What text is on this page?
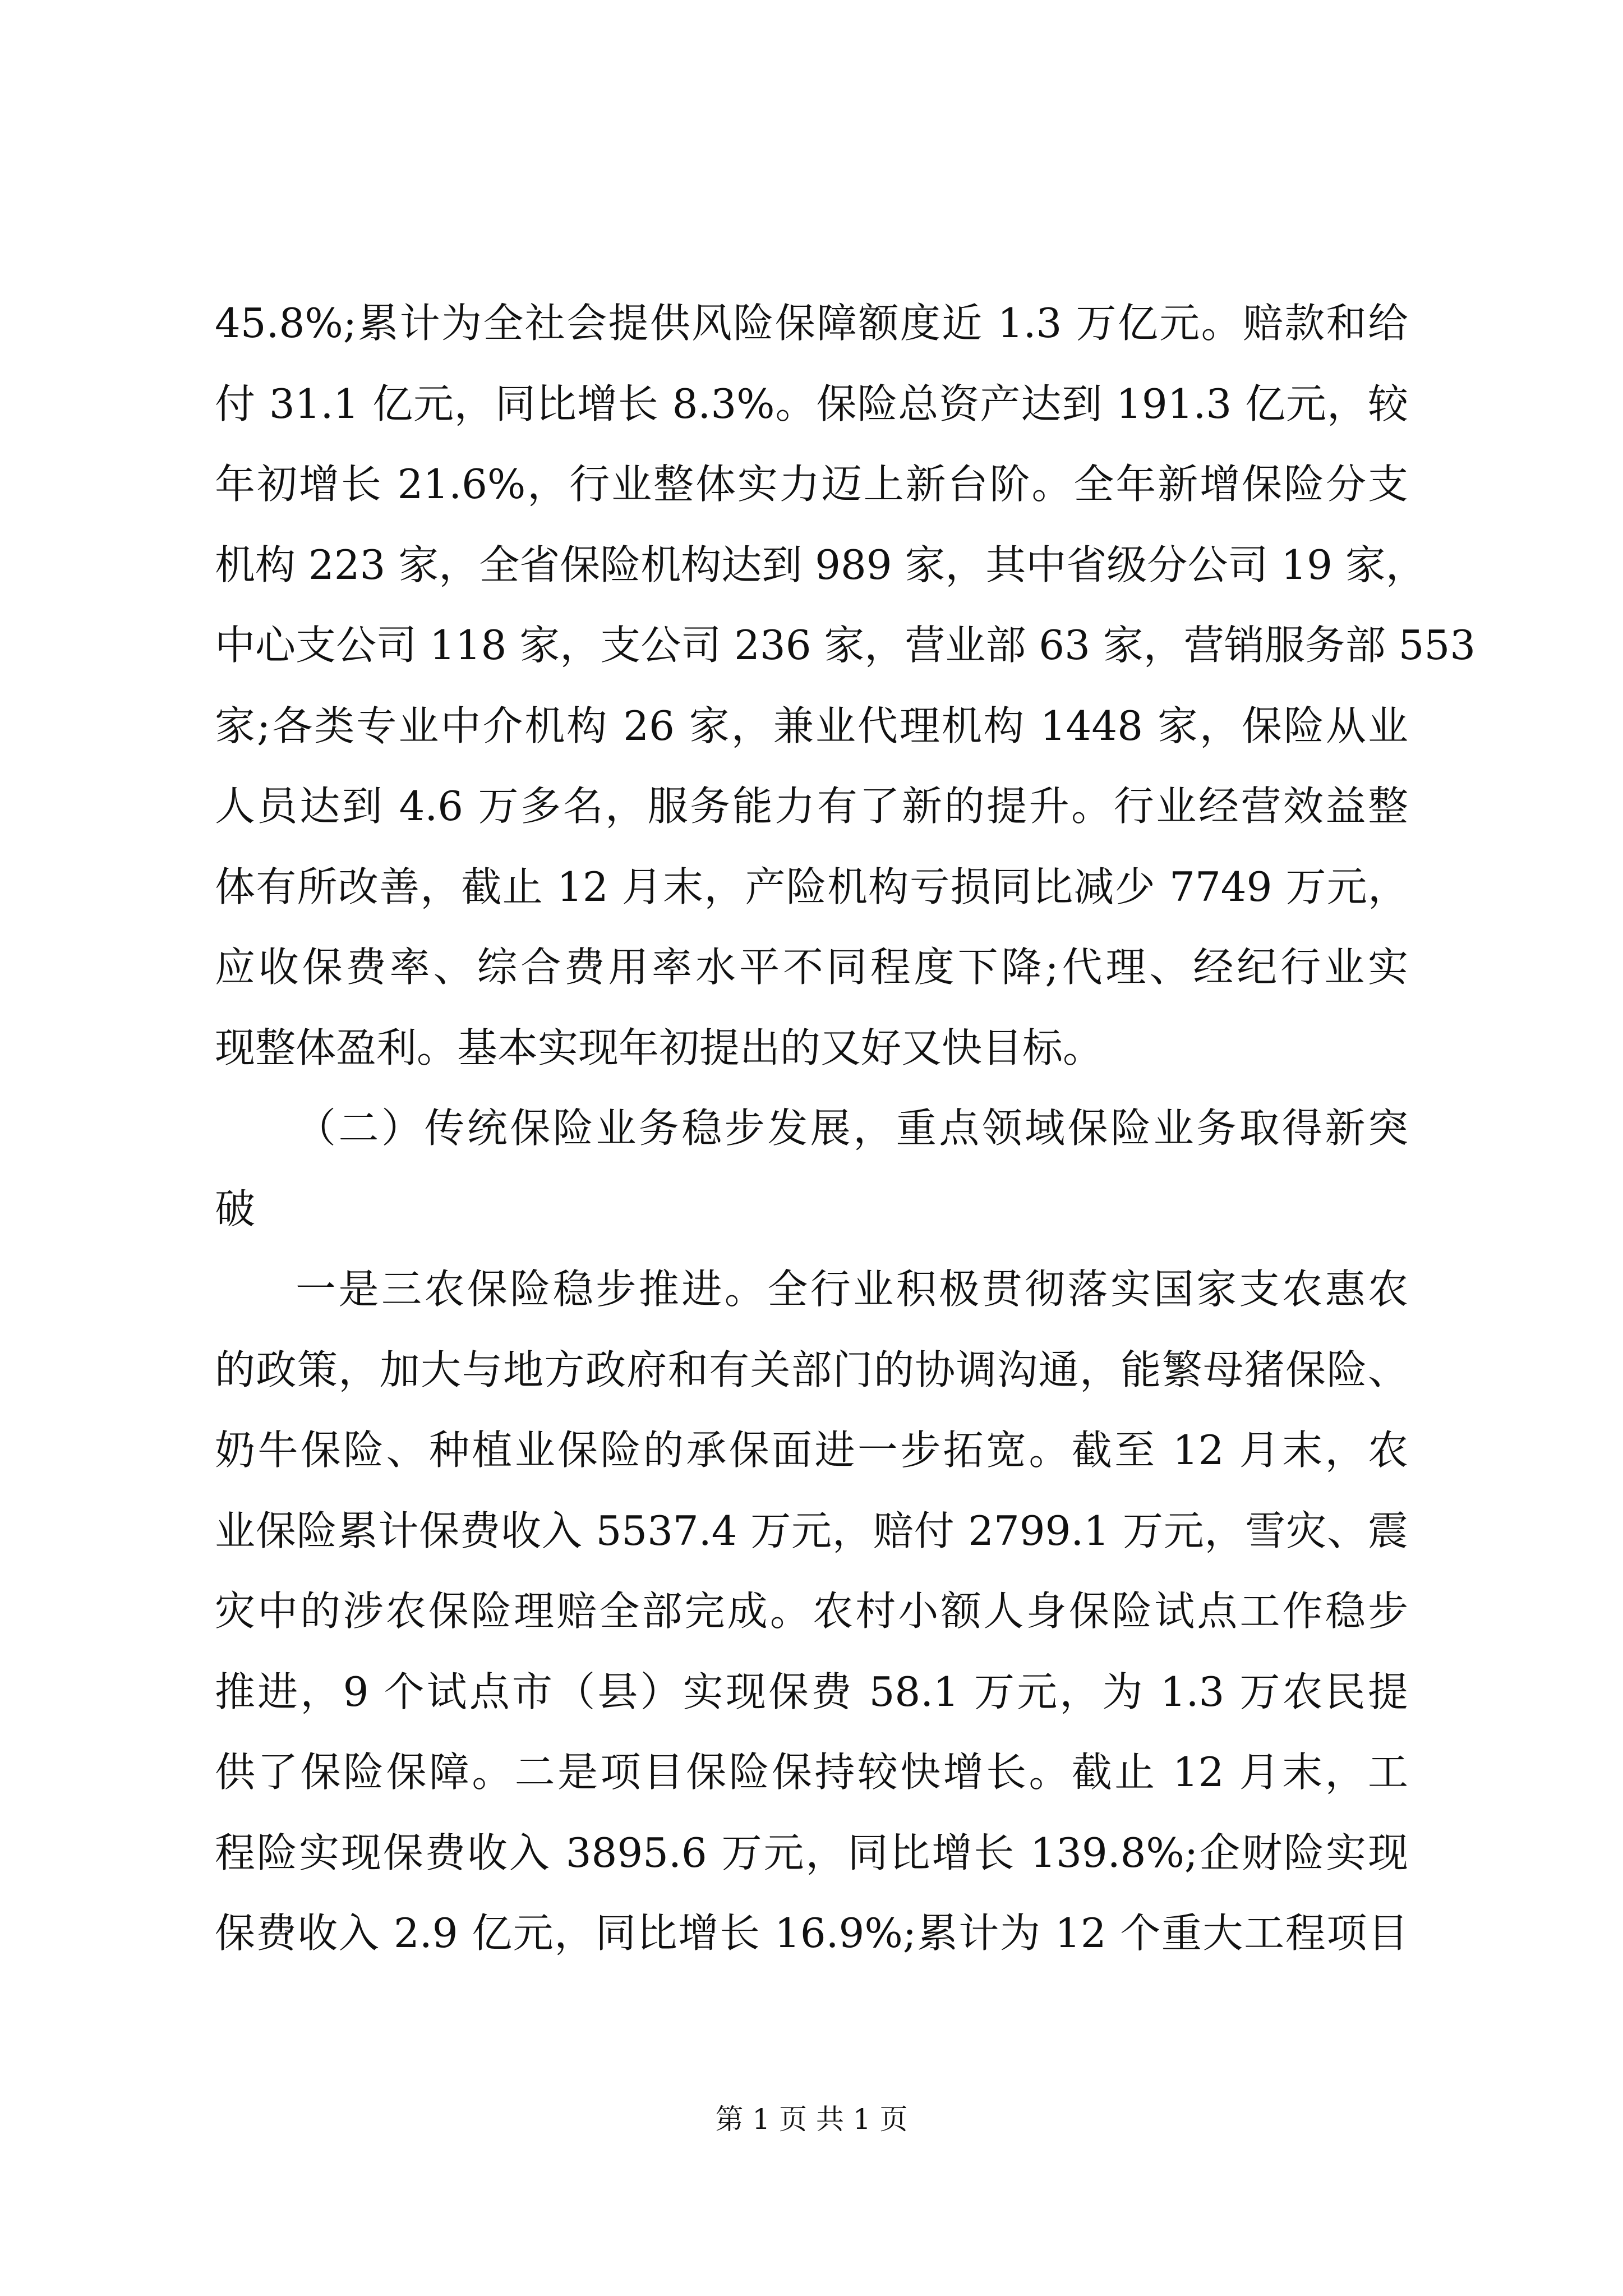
45.8%;累计为全社会提供风险保障额度近 1.3 万亿元。赔款和给
付 31.1 亿元，同比增长 8.3%。保险总资产达到 191.3 亿元，较
年初增长 21.6%，行业整体实力迈上新台阶。全年新增保险分支
机构 223 家，全省保险机构达到 989 家，其中省级分公司 19 家，
中心支公司 118 家，支公司 236 家，营业部 63 家，营销服务部 553
家;各类专业中介机构 26 家，兼业代理机构 1448 家，保险从业
人员达到 4.6 万多名，服务能力有了新的提升。行业经营效益整
体有所改善，截止 12 月末，产险机构亏损同比减少 7749 万元，
应收保费率、综合费用率水平不同程度下降;代理、经纪行业实
现整体盈利。基本实现年初提出的又好又快目标。
（二）传统保险业务稳步发展，重点领域保险业务取得新突
破
一是三农保险稳步推进。全行业积极贯彻落实国家支农惠农
的政策，加大与地方政府和有关部门的协调沟通，能繁母猪保险、
奶牛保险、种植业保险的承保面进一步拓宽。截至 12 月末，农
业保险累计保费收入 5537.4 万元，赔付 2799.1 万元，雪灾、震
灾中的涉农保险理赔全部完成。农村小额人身保险试点工作稳步
推进，9 个试点市（县）实现保费 58.1 万元，为 1.3 万农民提
供了保险保障。二是项目保险保持较快增长。截止 12 月末，工
程险实现保费收入 3895.6 万元，同比增长 139.8%;企财险实现
保费收入 2.9 亿元，同比增长 16.9%;累计为 12 个重大工程项目
第 1 页 共 1 页
